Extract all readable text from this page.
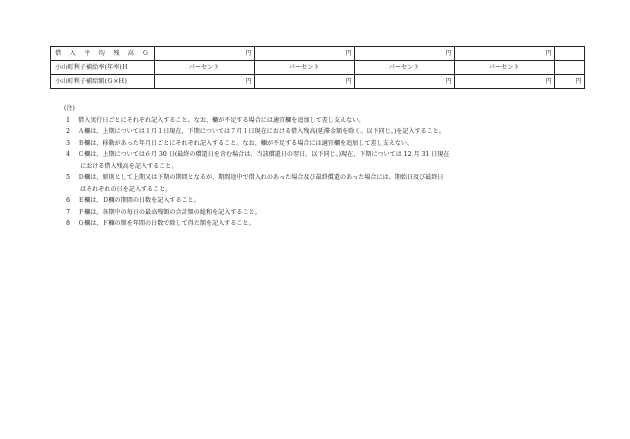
借 入 平 均 残 高 Ｇ	円	円	円	円	
小山町利子補給率(年率)Ｈ	パーセント	パーセント	パーセント	パーセント	
小山町利子補給額(Ｇ×Ｈ)	円	円	円	円	円
(注)
1	借入実行日ごとにそれぞれ記入すること。なお、欄が不足する場合には適宜欄を追加して差し支えない。
2	Ａ欄は、上期については１月１日現在、下期については７月１日現在における借入残高(延滞金額を除く。以下同じ。)を記入すること。
3	Ｂ欄は、移動があった年月日ごとにそれぞれ記入すること。なお、欄が不足する場合には適宜欄を追加して差し支えない。
4	Ｃ欄は、上期については６月 30 日(最終の償還日を含む場合は、当該償還日の翌日。以下同じ。)現在、下期については 12 月 31 日現在
における借入残高を記入すること。
5	Ｄ欄は、原則として上期又は下期の期間となるが、期間途中で借入れのあった場合及び最終償還のあった場合には、期始日及び最終日
はそれぞれの日を記入すること。
6	Ｅ欄は、Ｄ欄の期間の日数を記入すること。
7	Ｆ欄は、各期中の毎日の最高残額の合計額の総和を記入すること。
8	Ｇ欄は、Ｆ欄の額を年間の日数で除して得た額を記入すること。
